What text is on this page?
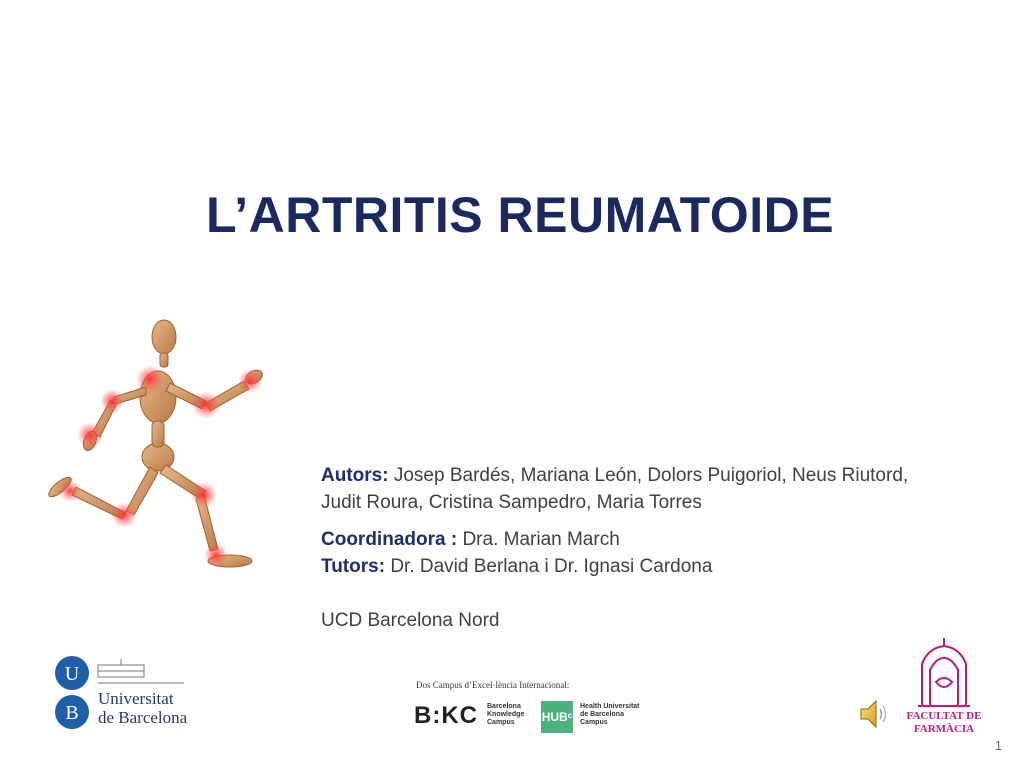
L’ARTRITIS REUMATOIDE

Autors: Josep Bardés, Mariana León, Dolors Puigoriol, Neus Riutord,
Judit Roura, Cristina Sampedro, Maria Torres

Coordinadora : Dra. Marian March

Tutors: Dr. David Berlana i Dr. Ignasi Cardona

UCD Barcelona Nord

U
B
Universitat
de Barcelona
Dos Campus d’Excel·lència Internacional:
B:KC Barcelona
Knowledge
Campus	HUBᶜ
Health Universitat
de Barcelona
Campus
FACULTAT DE
FARMÀCIA
1
